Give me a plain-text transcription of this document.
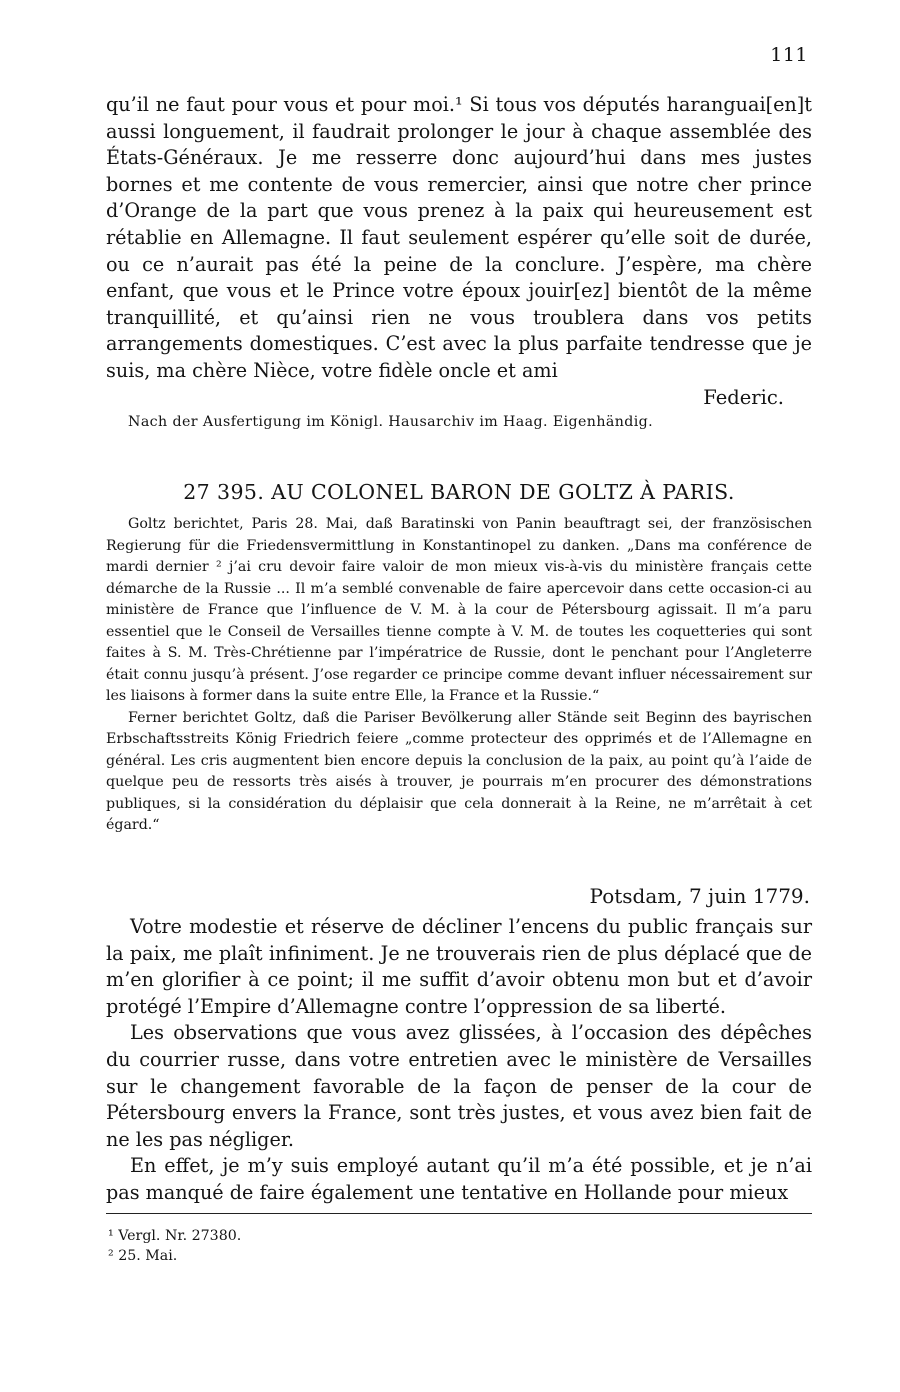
111

qu’il ne faut pour vous et pour moi.¹ Si tous vos députés haranguai[en]t aussi longuement, il faudrait prolonger le jour à chaque assemblée des États-Généraux. Je me resserre donc aujourd’hui dans mes justes bornes et me contente de vous remercier, ainsi que notre cher prince d’Orange de la part que vous prenez à la paix qui heureusement est rétablie en Allemagne. Il faut seulement espérer qu’elle soit de durée, ou ce n’aurait pas été la peine de la conclure. J’espère, ma chère enfant, que vous et le Prince votre époux jouir[ez] bientôt de la même tranquillité, et qu’ainsi rien ne vous troublera dans vos petits arrangements domestiques. C’est avec la plus parfaite tendresse que je suis, ma chère Nièce, votre fidèle oncle et ami

Federic.
Nach der Ausfertigung im Königl. Hausarchiv im Haag. Eigenhändig.
27 395. AU COLONEL BARON DE GOLTZ À PARIS.

Goltz berichtet, Paris 28. Mai, daß Baratinski von Panin beauftragt sei, der französischen Regierung für die Friedensvermittlung in Konstantinopel zu danken. „Dans ma conférence de mardi dernier ² j’ai cru devoir faire valoir de mon mieux vis-à-vis du ministère français cette démarche de la Russie ... Il m’a semblé convenable de faire apercevoir dans cette occasion-ci au ministère de France que l’influence de V. M. à la cour de Pétersbourg agissait. Il m’a paru essentiel que le Conseil de Versailles tienne compte à V. M. de toutes les coquetteries qui sont faites à S. M. Très-Chrétienne par l’impératrice de Russie, dont le penchant pour l’Angleterre était connu jusqu’à présent. J’ose regarder ce principe comme devant influer nécessairement sur les liaisons à former dans la suite entre Elle, la France et la Russie.“

Ferner berichtet Goltz, daß die Pariser Bevölkerung aller Stände seit Beginn des bayrischen Erbschaftsstreits König Friedrich feiere „comme protecteur des opprimés et de l’Allemagne en général. Les cris augmentent bien encore depuis la conclusion de la paix, au point qu’à l’aide de quelque peu de ressorts très aisés à trouver, je pourrais m’en procurer des démonstrations publiques, si la considération du déplaisir que cela donnerait à la Reine, ne m’arrêtait à cet égard.“

Potsdam, 7 juin 1779.

Votre modestie et réserve de décliner l’encens du public français sur la paix, me plaît infiniment. Je ne trouverais rien de plus déplacé que de m’en glorifier à ce point; il me suffit d’avoir obtenu mon but et d’avoir protégé l’Empire d’Allemagne contre l’oppression de sa liberté.

Les observations que vous avez glissées, à l’occasion des dépêches du courrier russe, dans votre entretien avec le ministère de Versailles sur le changement favorable de la façon de penser de la cour de Pétersbourg envers la France, sont très justes, et vous avez bien fait de ne les pas négliger.

En effet, je m’y suis employé autant qu’il m’a été possible, et je n’ai pas manqué de faire également une tentative en Hollande pour mieux

¹ Vergl. Nr. 27380.
² 25. Mai.
